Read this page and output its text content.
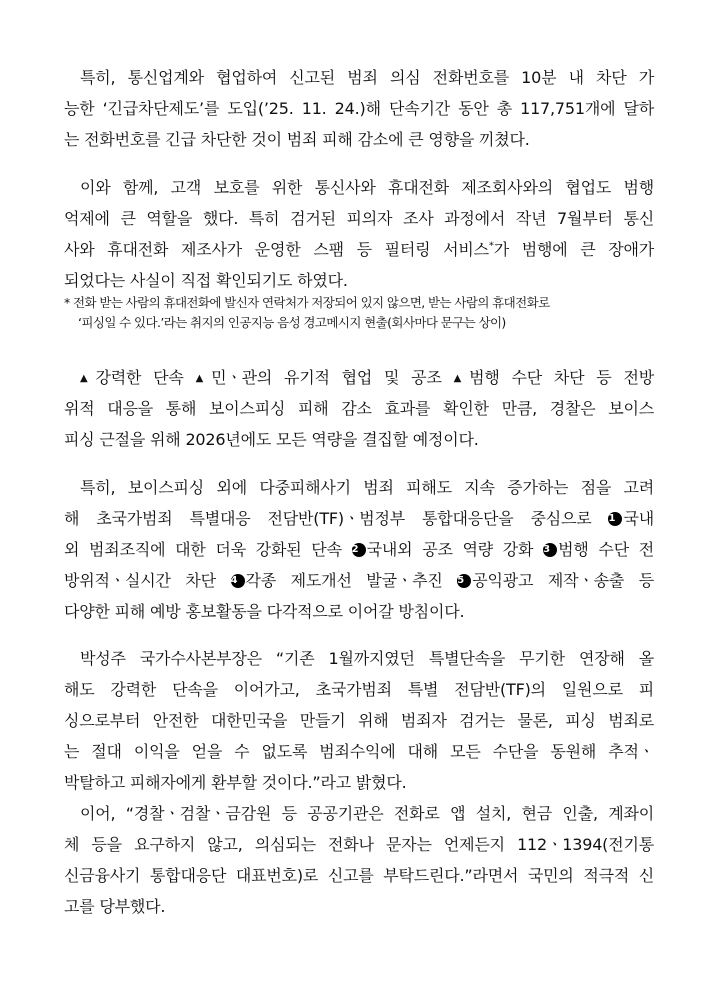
특히, 통신업계와 협업하여 신고된 범죄 의심 전화번호를 10분 내 차단 가
능한 ‘긴급차단제도’를 도입(’25. 11. 24.)해 단속기간 동안 총 117,751개에 달하
는 전화번호를 긴급 차단한 것이 범죄 피해 감소에 큰 영향을 끼쳤다.
이와 함께, 고객 보호를 위한 통신사와 휴대전화 제조회사와의 협업도 범행
억제에 큰 역할을 했다. 특히 검거된 피의자 조사 과정에서 작년 7월부터 통신
사와 휴대전화 제조사가 운영한 스팸 등 필터링 서비스*가 범행에 큰 장애가
되었다는 사실이 직접 확인되기도 하였다.
* 전화 받는 사람의 휴대전화에 발신자 연락처가 저장되어 있지 않으면, 받는 사람의 휴대전화로
‘피싱일 수 있다.’라는 취지의 인공지능 음성 경고메시지 현출(회사마다 문구는 상이)
▲강력한 단속 ▲민ㆍ관의 유기적 협업 및 공조 ▲범행 수단 차단 등 전방
위적 대응을 통해 보이스피싱 피해 감소 효과를 확인한 만큼, 경찰은 보이스
피싱 근절을 위해 2026년에도 모든 역량을 결집할 예정이다.
특히, 보이스피싱 외에 다중피해사기 범죄 피해도 지속 증가하는 점을 고려
해 초국가범죄 특별대응 전담반(TF)ㆍ범정부 통합대응단을 중심으로 1 국내
외 범죄조직에 대한 더욱 강화된 단속 2 국내외 공조 역량 강화 3 범행 수단 전
방위적ㆍ실시간 차단 4 각종 제도개선 발굴ㆍ추진 5 공익광고 제작ㆍ송출 등
다양한 피해 예방 홍보활동을 다각적으로 이어갈 방침이다.
박성주 국가수사본부장은 “기존 1월까지였던 특별단속을 무기한 연장해 올
해도 강력한 단속을 이어가고, 초국가범죄 특별 전담반(TF)의 일원으로 피
싱으로부터 안전한 대한민국을 만들기 위해 범죄자 검거는 물론, 피싱 범죄로
는 절대 이익을 얻을 수 없도록 범죄수익에 대해 모든 수단을 동원해 추적ㆍ
박탈하고 피해자에게 환부할 것이다.”라고 밝혔다.
이어, “경찰ㆍ검찰ㆍ금감원 등 공공기관은 전화로 앱 설치, 현금 인출, 계좌이
체 등을 요구하지 않고, 의심되는 전화나 문자는 언제든지 112ㆍ1394(전기통
신금융사기 통합대응단 대표번호)로 신고를 부탁드린다.”라면서 국민의 적극적 신
고를 당부했다.
